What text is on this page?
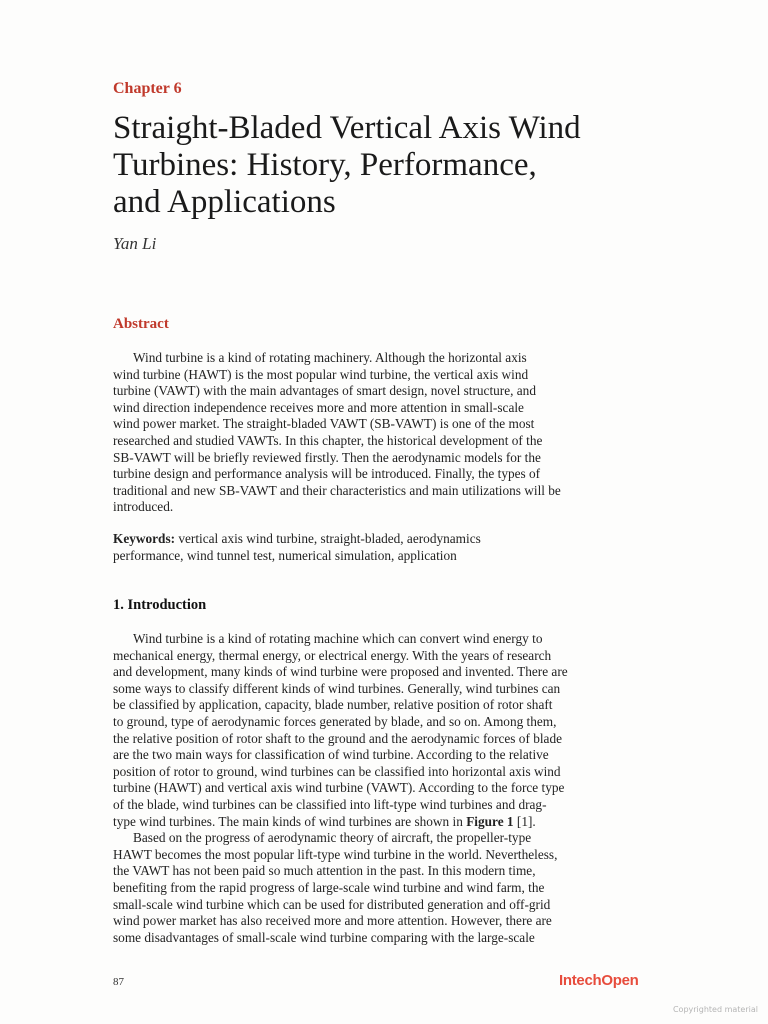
Chapter 6
Straight-Bladed Vertical Axis Wind
Turbines: History, Performance,
and Applications
Yan Li
Abstract
Wind turbine is a kind of rotating machinery. Although the horizontal axis
wind turbine (HAWT) is the most popular wind turbine, the vertical axis wind
turbine (VAWT) with the main advantages of smart design, novel structure, and
wind direction independence receives more and more attention in small-scale
wind power market. The straight-bladed VAWT (SB-VAWT) is one of the most
researched and studied VAWTs. In this chapter, the historical development of the
SB-VAWT will be briefly reviewed firstly. Then the aerodynamic models for the
turbine design and performance analysis will be introduced. Finally, the types of
traditional and new SB-VAWT and their characteristics and main utilizations will be
introduced.
Keywords: vertical axis wind turbine, straight-bladed, aerodynamics
performance, wind tunnel test, numerical simulation, application
1. Introduction
Wind turbine is a kind of rotating machine which can convert wind energy to
mechanical energy, thermal energy, or electrical energy. With the years of research
and development, many kinds of wind turbine were proposed and invented. There are
some ways to classify different kinds of wind turbines. Generally, wind turbines can
be classified by application, capacity, blade number, relative position of rotor shaft
to ground, type of aerodynamic forces generated by blade, and so on. Among them,
the relative position of rotor shaft to the ground and the aerodynamic forces of blade
are the two main ways for classification of wind turbine. According to the relative
position of rotor to ground, wind turbines can be classified into horizontal axis wind
turbine (HAWT) and vertical axis wind turbine (VAWT). According to the force type
of the blade, wind turbines can be classified into lift-type wind turbines and drag-
type wind turbines. The main kinds of wind turbines are shown in Figure 1 [1].
Based on the progress of aerodynamic theory of aircraft, the propeller-type
HAWT becomes the most popular lift-type wind turbine in the world. Nevertheless,
the VAWT has not been paid so much attention in the past. In this modern time,
benefiting from the rapid progress of large-scale wind turbine and wind farm, the
small-scale wind turbine which can be used for distributed generation and off-grid
wind power market has also received more and more attention. However, there are
some disadvantages of small-scale wind turbine comparing with the large-scale
87	IntechOpen
Copyrighted material
